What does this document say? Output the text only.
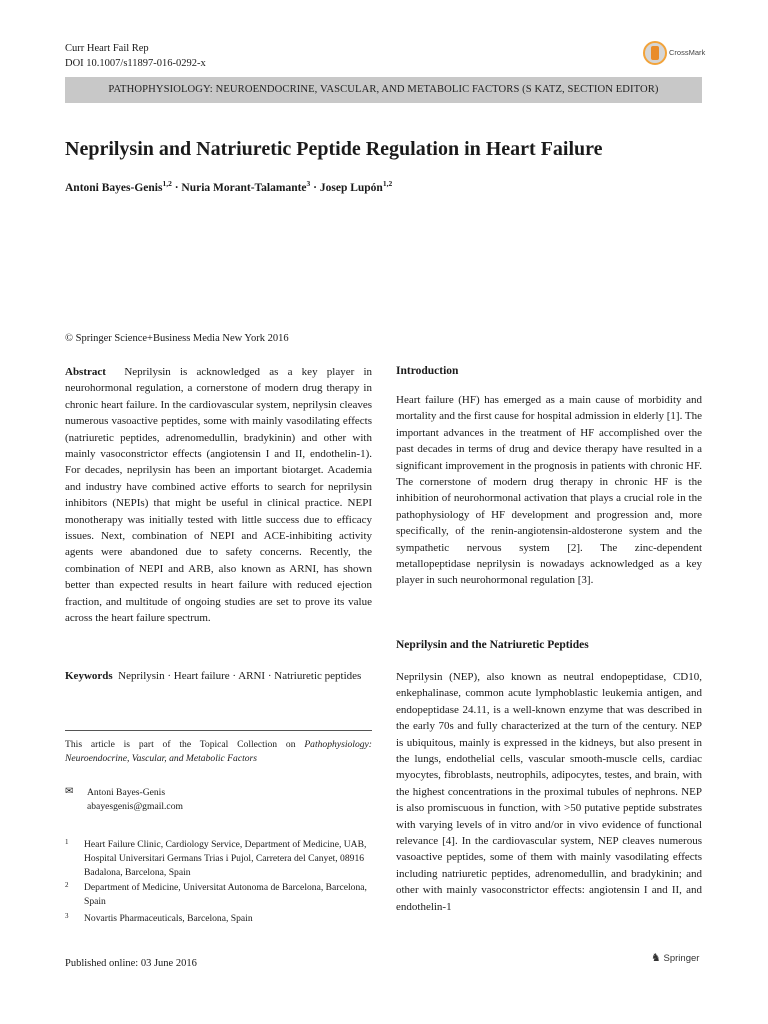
Curr Heart Fail Rep
DOI 10.1007/s11897-016-0292-x
CrossMark
PATHOPHYSIOLOGY: NEUROENDOCRINE, VASCULAR, AND METABOLIC FACTORS (S KATZ, SECTION EDITOR)
Neprilysin and Natriuretic Peptide Regulation in Heart Failure
Antoni Bayes-Genis$^{1,2}$ · Nuria Morant-Talamante$^3$ · Josep Lupón$^{1,2}$
© Springer Science+Business Media New York 2016

Abstract Neprilysin is acknowledged as a key player in neurohormonal regulation, a cornerstone of modern drug therapy in chronic heart failure. In the cardiovascular system, neprilysin cleaves numerous vasoactive peptides, some with mainly vasodilating effects (natriuretic peptides, adrenomedullin, bradykinin) and other with mainly vasoconstrictor effects (angiotensin I and II, endothelin-1). For decades, neprilysin has been an important biotarget. Academia and industry have combined active efforts to search for neprilysin inhibitors (NEPIs) that might be useful in clinical practice. NEPI monotherapy was initially tested with little success due to efficacy issues. Next, combination of NEPI and ACE-inhibiting activity agents were abandoned due to safety concerns. Recently, the combination of NEPI and ARB, also known as ARNI, has shown better than expected results in heart failure with reduced ejection fraction, and multitude of ongoing studies are set to prove its value across the heart failure spectrum.

Keywords Neprilysin · Heart failure · ARNI · Natriuretic peptides

This article is part of the Topical Collection on Pathophysiology: Neuroendocrine, Vascular, and Metabolic Factors
✉ Antoni Bayes-Genis
abayesgenis@gmail.com
1 Heart Failure Clinic, Cardiology Service, Department of Medicine, UAB, Hospital Universitari Germans Trias i Pujol, Carretera del Canyet, 08916 Badalona, Barcelona, Spain
2 Department of Medicine, Universitat Autonoma de Barcelona, Barcelona, Spain
3 Novartis Pharmaceuticals, Barcelona, Spain
Introduction
Heart failure (HF) has emerged as a main cause of morbidity and mortality and the first cause for hospital admission in elderly [1]. The important advances in the treatment of HF accomplished over the past decades in terms of drug and device therapy have resulted in a significant improvement in the prognosis in patients with chronic HF. The cornerstone of modern drug therapy in chronic HF is the inhibition of neurohormonal activation that plays a crucial role in the pathophysiology of HF development and progression and, more specifically, of the renin-angiotensin-aldosterone system and the sympathetic nervous system [2]. The zinc-dependent metallopeptidase neprilysin is nowadays acknowledged as a key player in such neurohormonal regulation [3].
Neprilysin and the Natriuretic Peptides
Neprilysin (NEP), also known as neutral endopeptidase, CD10, enkephalinase, common acute lymphoblastic leukemia antigen, and endopeptidase 24.11, is a well-known enzyme that was described in the early 70s and fully characterized at the turn of the century. NEP is ubiquitous, mainly is expressed in the kidneys, but also present in the lungs, endothelial cells, vascular smooth-muscle cells, cardiac myocytes, fibroblasts, neutrophils, adipocytes, testes, and brain, with the highest concentrations in the proximal tubules of nephrons. NEP is also promiscuous in function, with >50 putative peptide substrates with varying levels of in vitro and/or in vivo evidence of functional relevance [4]. In the cardiovascular system, NEP cleaves numerous vasoactive peptides, some of them with mainly vasodilating effects including natriuretic peptides, adrenomedullin, and bradykinin; and other with mainly vasoconstrictor effects: angiotensin I and II, and endothelin-1
Published online: 03 June 2016	♞ Springer
